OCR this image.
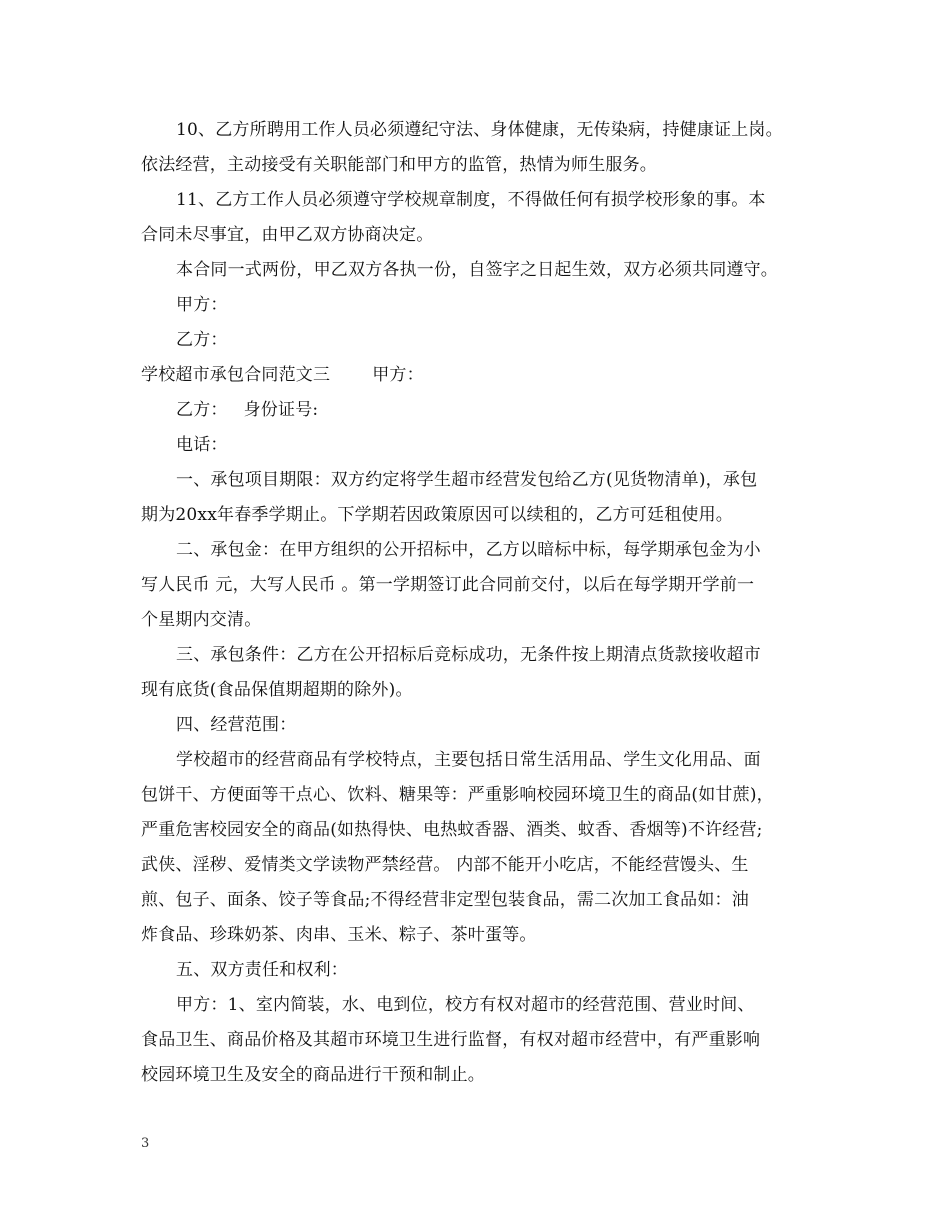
10、乙方所聘用工作人员必须遵纪守法、身体健康，无传染病，持健康证上岗。
依法经营，主动接受有关职能部门和甲方的监管，热情为师生服务。
11、乙方工作人员必须遵守学校规章制度，不得做任何有损学校形象的事。本
合同未尽事宜，由甲乙双方协商决定。
本合同一式两份，甲乙双方各执一份，自签字之日起生效，双方必须共同遵守。
甲方：
乙方：
学校超市承包合同范文三 甲方：
乙方： 身份证号:
电话：
一、承包项目期限：双方约定将学生超市经营发包给乙方(见货物清单)，承包
期为20xx年春季学期止。下学期若因政策原因可以续租的，乙方可廷租使用。
二、承包金：在甲方组织的公开招标中，乙方以暗标中标，每学期承包金为小
写人民币 元，大写人民币 。第一学期签订此合同前交付，以后在每学期开学前一
个星期内交清。
三、承包条件：乙方在公开招标后竞标成功，无条件按上期清点货款接收超市
现有底货(食品保值期超期的除外)。
四、经营范围：
学校超市的经营商品有学校特点，主要包括日常生活用品、学生文化用品、面
包饼干、方便面等干点心、饮料、糖果等：严重影响校园环境卫生的商品(如甘蔗)，
严重危害校园安全的商品(如热得快、电热蚊香器、酒类、蚊香、香烟等)不许经营;
武侠、淫秽、爱情类文学读物严禁经营。 内部不能开小吃店，不能经营馒头、生
煎、包子、面条、饺子等食品;不得经营非定型包装食品，需二次加工食品如：油
炸食品、珍珠奶茶、肉串、玉米、粽子、茶叶蛋等。
五、双方责任和权利：
甲方：1、室内简装，水、电到位，校方有权对超市的经营范围、营业时间、
食品卫生、商品价格及其超市环境卫生进行监督，有权对超市经营中，有严重影响
校园环境卫生及安全的商品进行干预和制止。
3
